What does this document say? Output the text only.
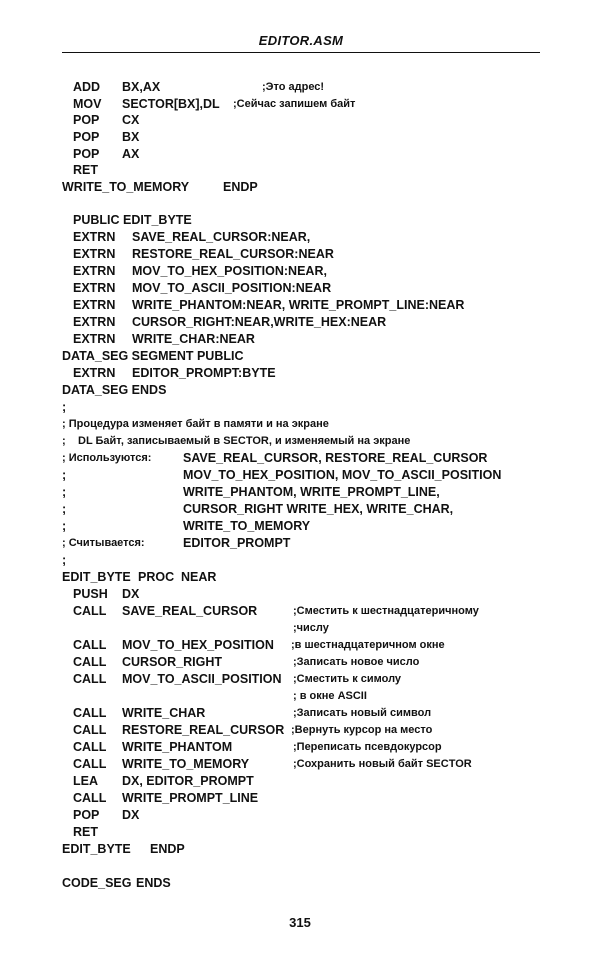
EDITOR.ASM
ADD BX,AX	;Это адрес!
MOV SECTOR[BX],DL ;Сейчас запишем байт
POP CX
POP BX
POP AX
RET
WRITE_TO_MEMORY	ENDP
PUBLIC EDIT_BYTE
EXTRN SAVE_REAL_CURSOR:NEAR,
EXTRN RESTORE_REAL_CURSOR:NEAR
EXTRN MOV_TO_HEX_POSITION:NEAR,
EXTRN MOV_TO_ASCII_POSITION:NEAR
EXTRN WRITE_PHANTOM:NEAR, WRITE_PROMPT_LINE:NEAR
EXTRN CURSOR_RIGHT:NEAR,WRITE_HEX:NEAR
EXTRN WRITE_CHAR:NEAR
DATA_SEG SEGMENT PUBLIC
EXTRN EDITOR_PROMPT:BYTE
DATA_SEG ENDS
;
; Процедура изменяет байт в памяти и на экране
; DL Байт, записываемый в SECTOR, и изменяемый на экране
; Используются:	SAVE_REAL_CURSOR, RESTORE_REAL_CURSOR
;	MOV_TO_HEX_POSITION, MOV_TO_ASCII_POSITION
;	WRITE_PHANTOM, WRITE_PROMPT_LINE,
;	CURSOR_RIGHT WRITE_HEX, WRITE_CHAR,
;	WRITE_TO_MEMORY
; Считывается:	EDITOR_PROMPT
;
EDIT_BYTE PROC NEAR
PUSH DX
CALL SAVE_REAL_CURSOR	;Сместить к шестнадцатеричному
;числу
CALL MOV_TO_HEX_POSITION ;в шестнадцатеричном окне
CALL CURSOR_RIGHT	;Записать новое число
CALL MOV_TO_ASCII_POSITION ;Сместить к симолу
; в окне ASCII
CALL WRITE_CHAR	;Записать новый символ
CALL RESTORE_REAL_CURSOR ;Вернуть курсор на место
CALL WRITE_PHANTOM	;Переписать псевдокурсор
CALL WRITE_TO_MEMORY	;Сохранить новый байт SECTOR
LEA DX, EDITOR_PROMPT
CALL WRITE_PROMPT_LINE
POP DX
RET
EDIT_BYTE ENDP
CODE_SEG ENDS
315
